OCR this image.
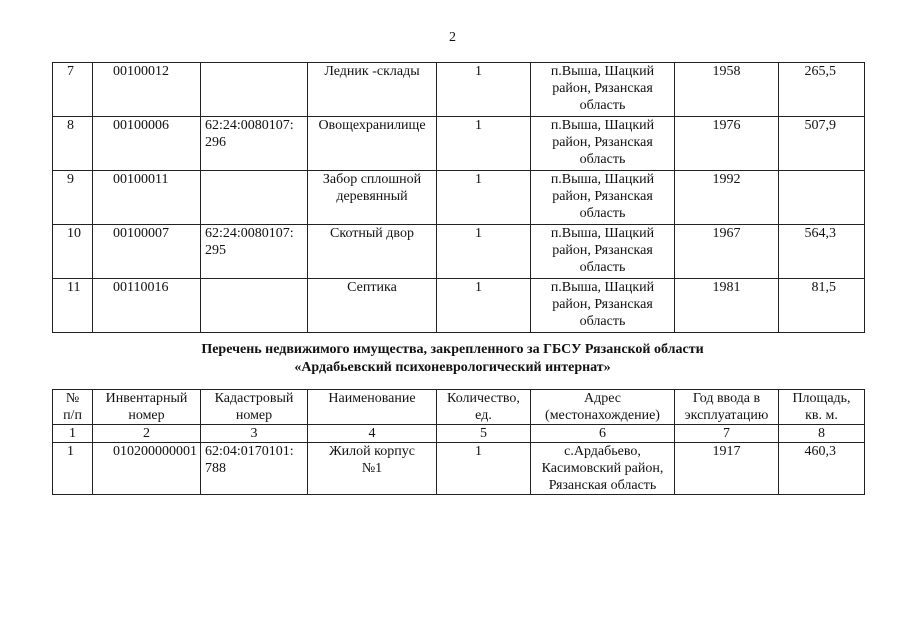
2
7	00100012		Ледник -склады	1	п.Выша, Шацкий
район, Рязанская
область	1958	265,5
8	00100006	62:24:0080107:
296	Овощехранилище	1	п.Выша, Шацкий
район, Рязанская
область	1976	507,9
9	00100011		Забор сплошной
деревянный	1	п.Выша, Шацкий
район, Рязанская
область	1992	
10	00100007	62:24:0080107:
295	Скотный двор	1	п.Выша, Шацкий
район, Рязанская
область	1967	564,3
11	00110016		Септика	1	п.Выша, Шацкий
район, Рязанская
область	1981	81,5
Перечень недвижимого имущества, закрепленного за ГБСУ Рязанской области
«Ардабьевский психоневрологический интернат»
№
п/п	Инвентарный
номер	Кадастровый
номер	Наименование	Количество,
ед.	Адрес
(местонахождение)	Год ввода в
эксплуатацию	Площадь,
кв. м.
1	2	3	4	5	6	7	8
1	010200000001	62:04:0170101:
788	Жилой корпус
№1	1	с.Ардабьево,
Касимовский район,
Рязанская область	1917	460,3
